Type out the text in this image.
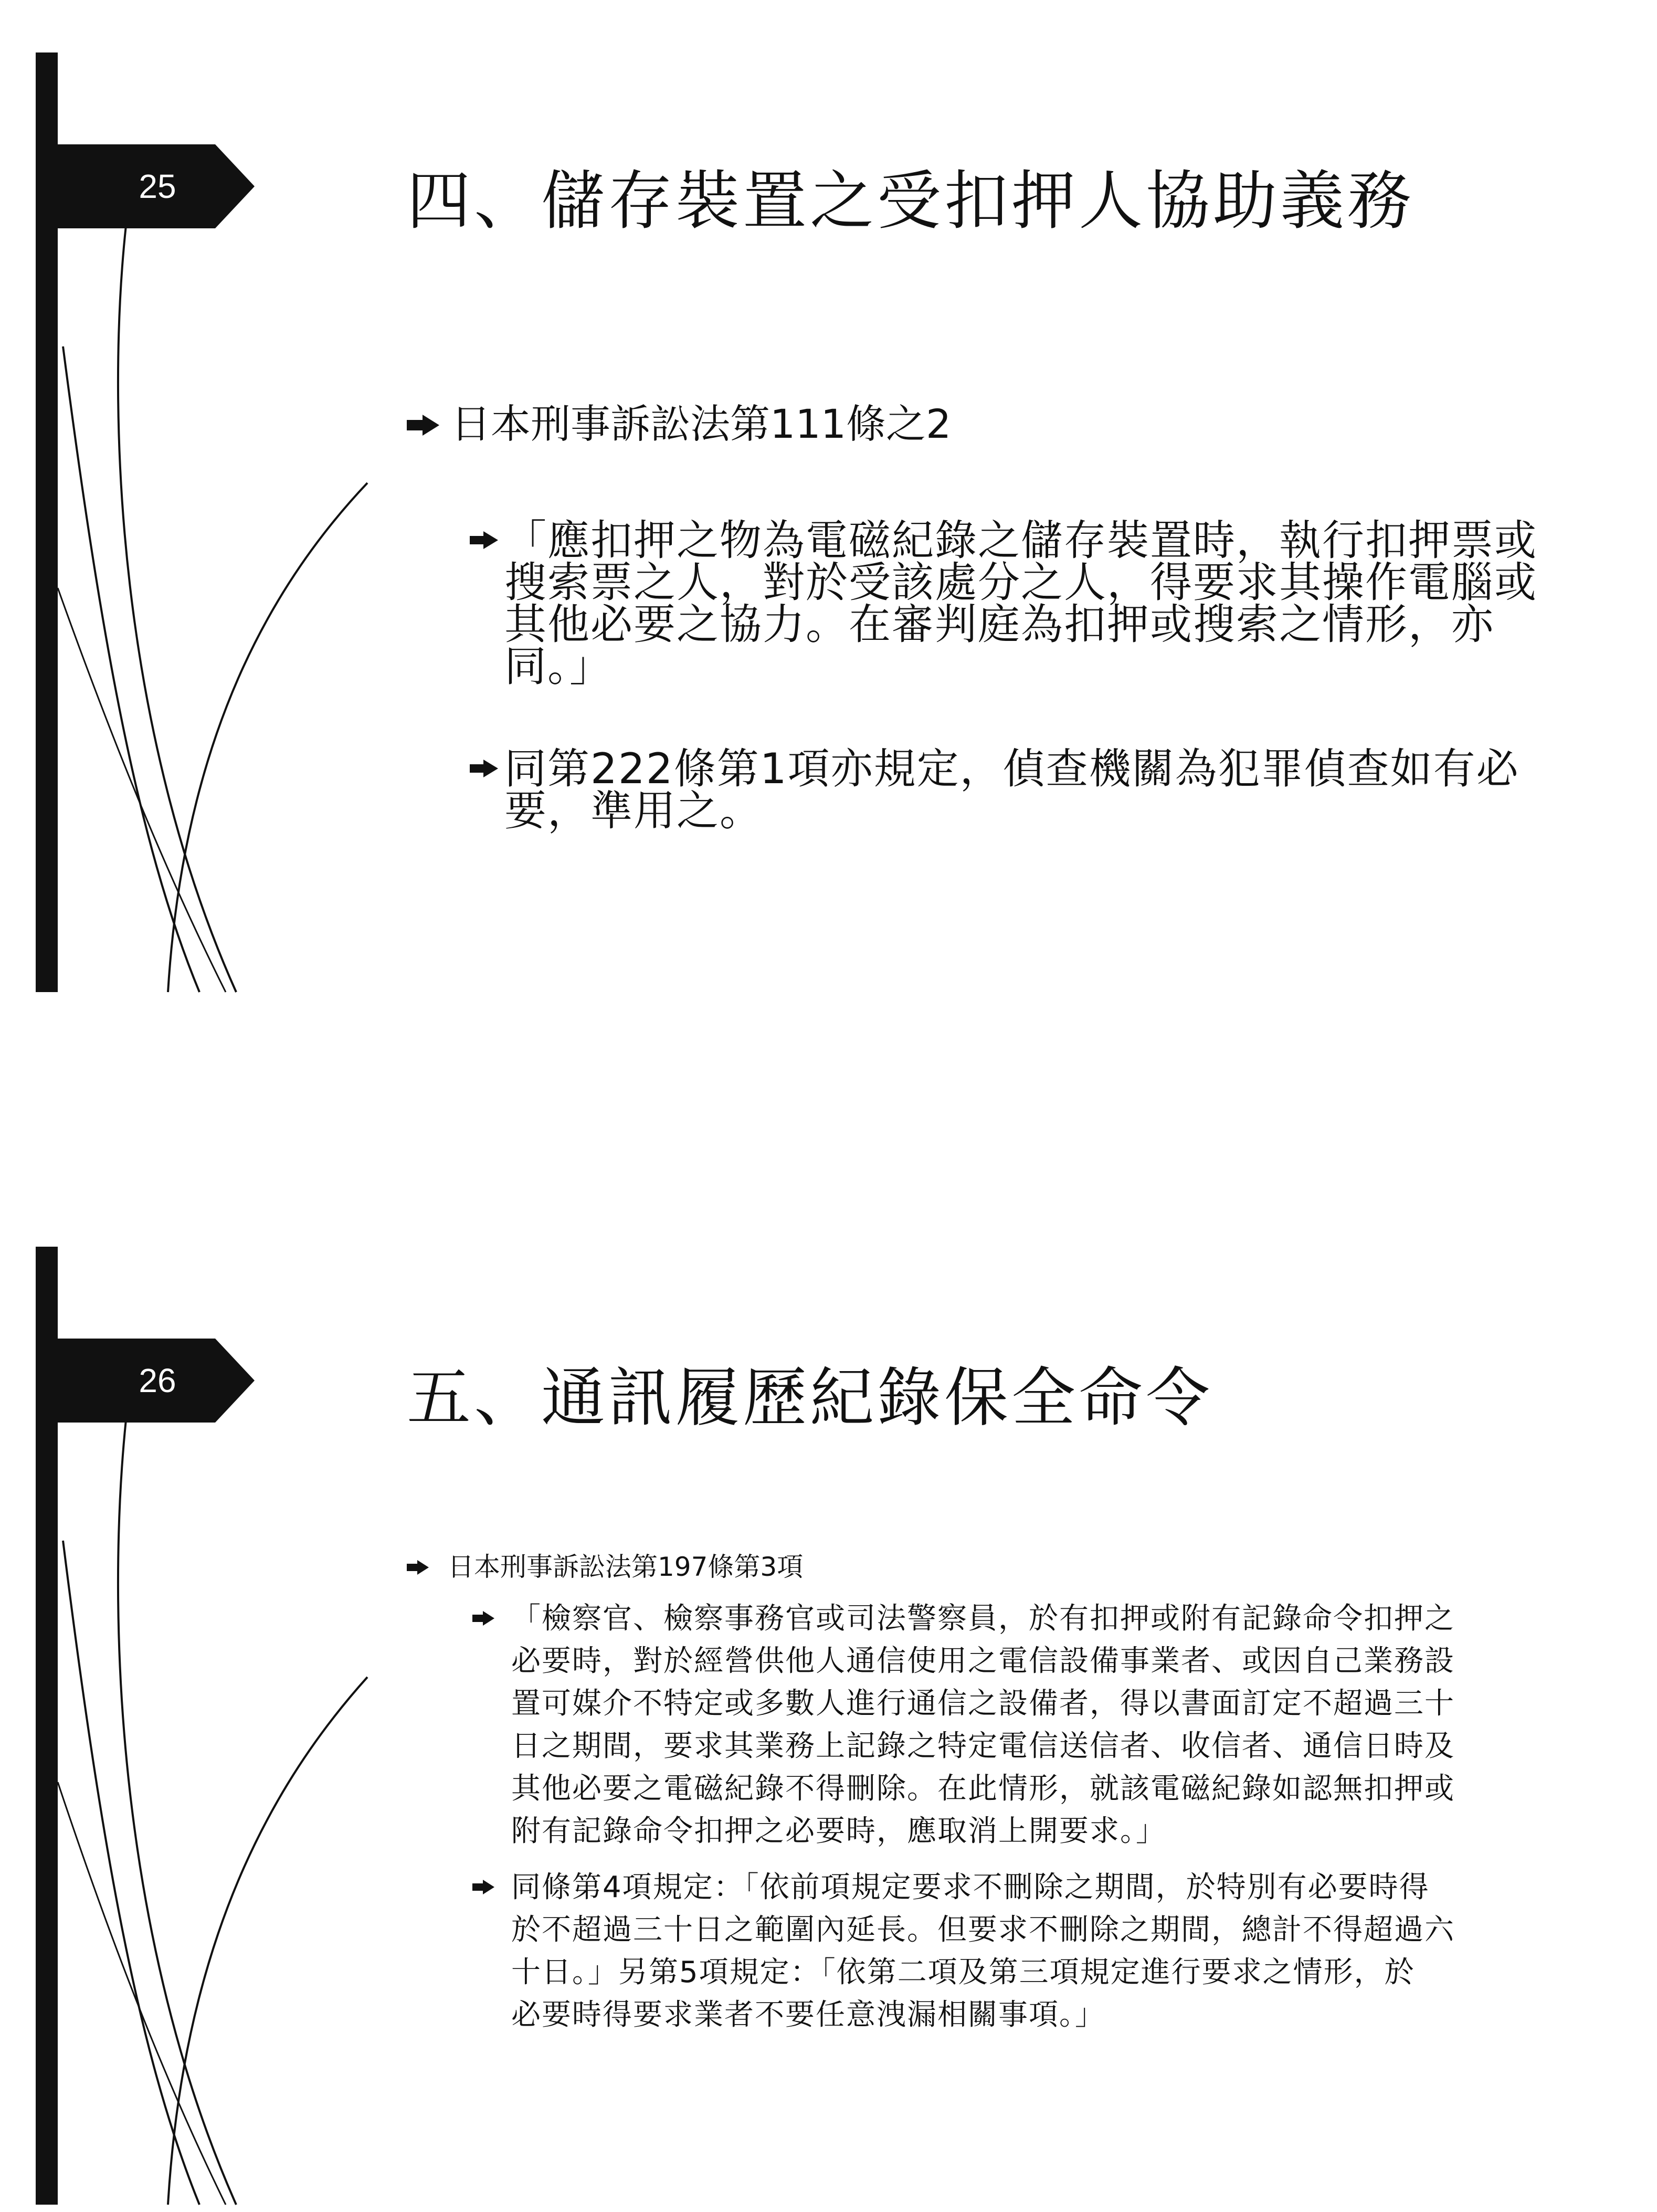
25	四、儲存裝置之受扣押人協助義務
日本刑事訴訟法第111條之2
「應扣押之物為電磁紀錄之儲存裝置時，執行扣押票或
搜索票之人，對於受該處分之人，得要求其操作電腦或
其他必要之協力。在審判庭為扣押或搜索之情形，亦
同。」
同第222條第1項亦規定，偵查機關為犯罪偵查如有必
要，準用之。
26	五、通訊履歷紀錄保全命令
日本刑事訴訟法第197條第3項
「檢察官、檢察事務官或司法警察員，於有扣押或附有記錄命令扣押之
必要時，對於經營供他人通信使用之電信設備事業者、或因自己業務設
置可媒介不特定或多數人進行通信之設備者，得以書面訂定不超過三十
日之期間，要求其業務上記錄之特定電信送信者、收信者、通信日時及
其他必要之電磁紀錄不得刪除。在此情形，就該電磁紀錄如認無扣押或
附有記錄命令扣押之必要時，應取消上開要求。」
同條第4項規定：「依前項規定要求不刪除之期間，於特別有必要時得
於不超過三十日之範圍內延長。但要求不刪除之期間，總計不得超過六
十日。」另第5項規定：「依第二項及第三項規定進行要求之情形，於
必要時得要求業者不要任意洩漏相關事項。」
